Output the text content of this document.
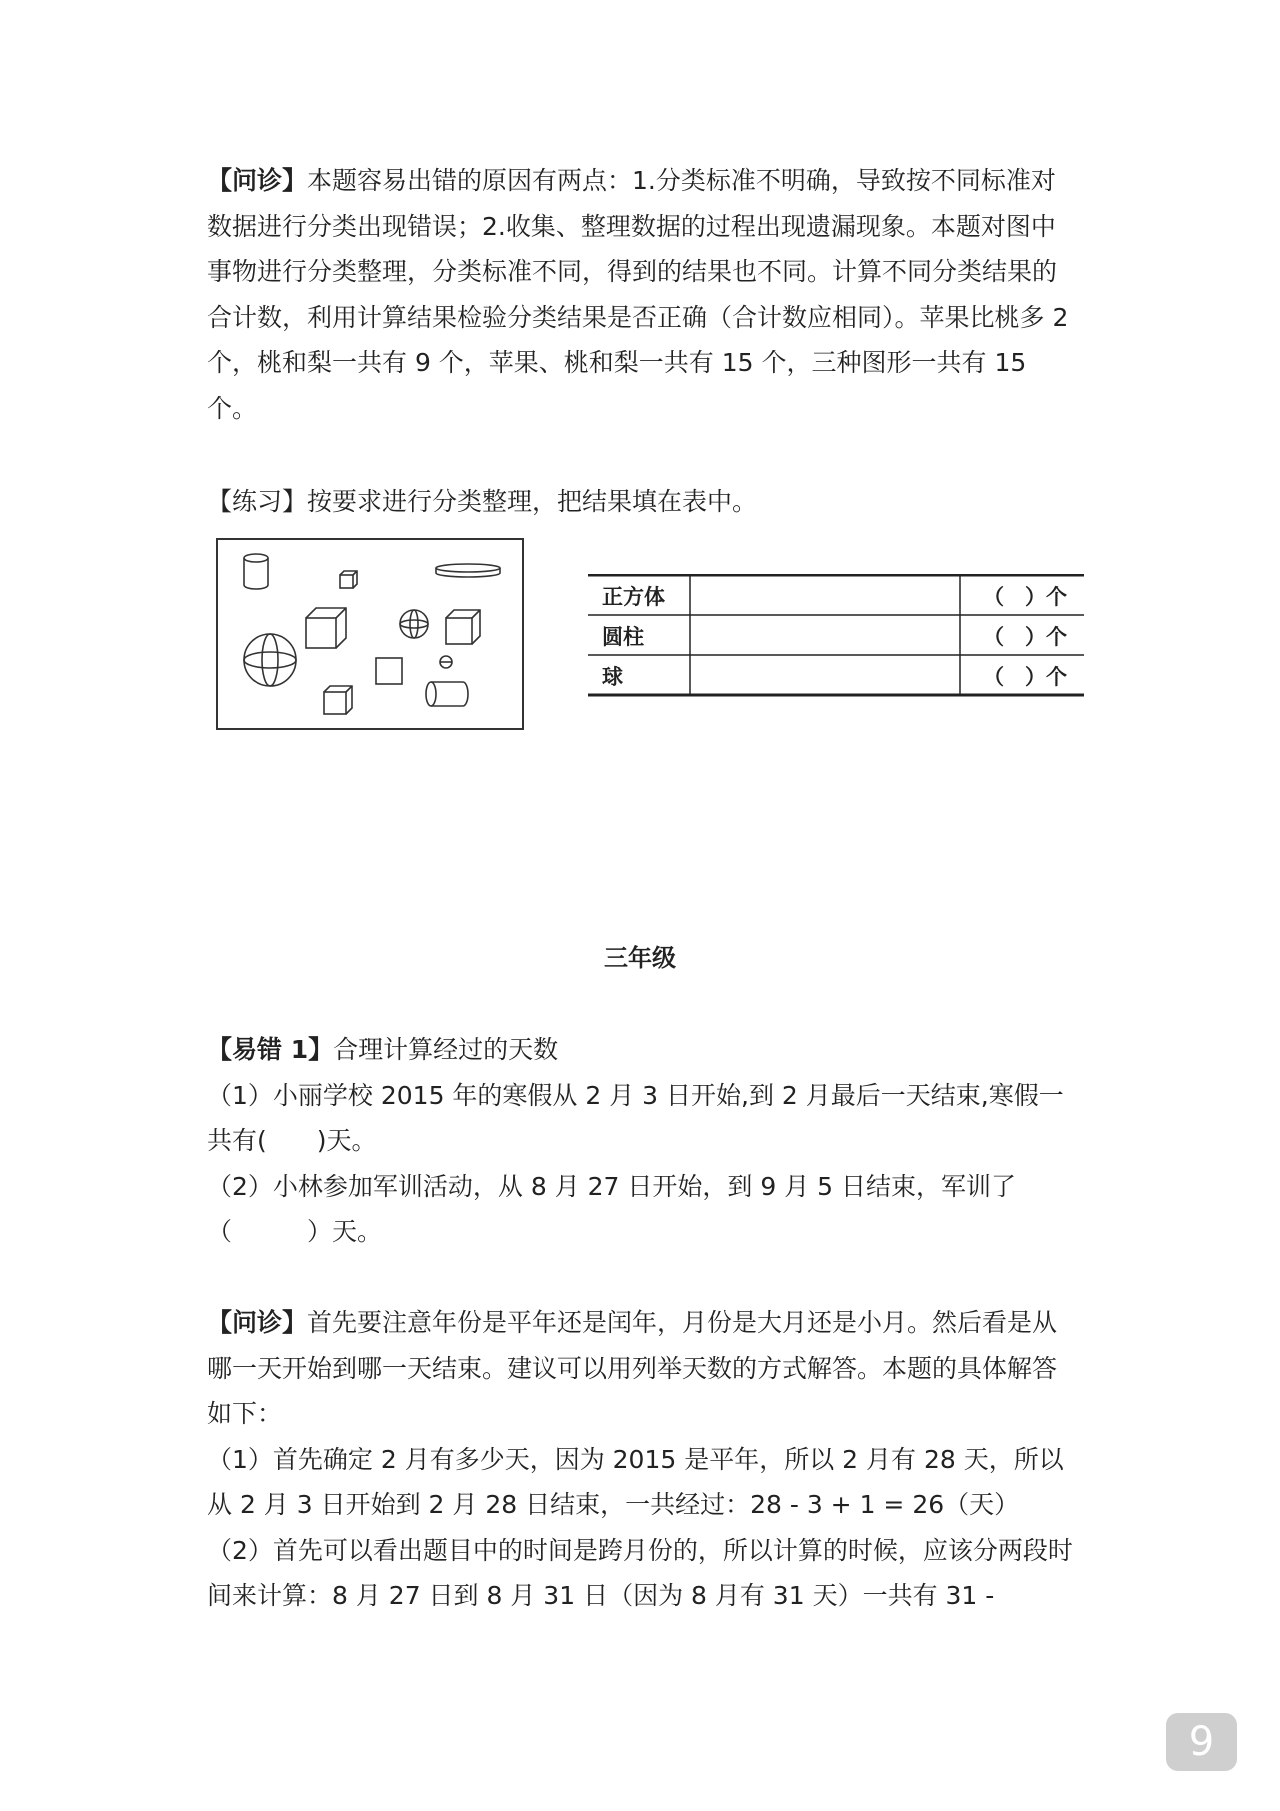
【问诊】本题容易出错的原因有两点：1.分类标准不明确，导致按不同标准对数据进行分类出现错误；2.收集、整理数据的过程出现遗漏现象。本题对图中事物进行分类整理，分类标准不同，得到的结果也不同。计算不同分类结果的合计数，利用计算结果检验分类结果是否正确（合计数应相同）。苹果比桃多 2 个，桃和梨一共有 9 个，苹果、桃和梨一共有 15 个，三种图形一共有 15 个。

【练习】按要求进行分类整理，把结果填在表中。

正方体	（　）个
圆柱	（　）个
球	（　）个
三年级

【易错 1】合理计算经过的天数

（1）小丽学校 2015 年的寒假从 2 月 3 日开始,到 2 月最后一天结束,寒假一共有(　　)天。

（2）小林参加军训活动，从 8 月 27 日开始，到 9 月 5 日结束，军训了（　　　）天。

【问诊】首先要注意年份是平年还是闰年，月份是大月还是小月。然后看是从哪一天开始到哪一天结束。建议可以用列举天数的方式解答。本题的具体解答如下：

（1）首先确定 2 月有多少天，因为 2015 是平年，所以 2 月有 28 天，所以从 2 月 3 日开始到 2 月 28 日结束，一共经过：28 - 3 + 1 = 26（天）

（2）首先可以看出题目中的时间是跨月份的，所以计算的时候，应该分两段时间来计算：8 月 27 日到 8 月 31 日（因为 8 月有 31 天）一共有 31 -

9
